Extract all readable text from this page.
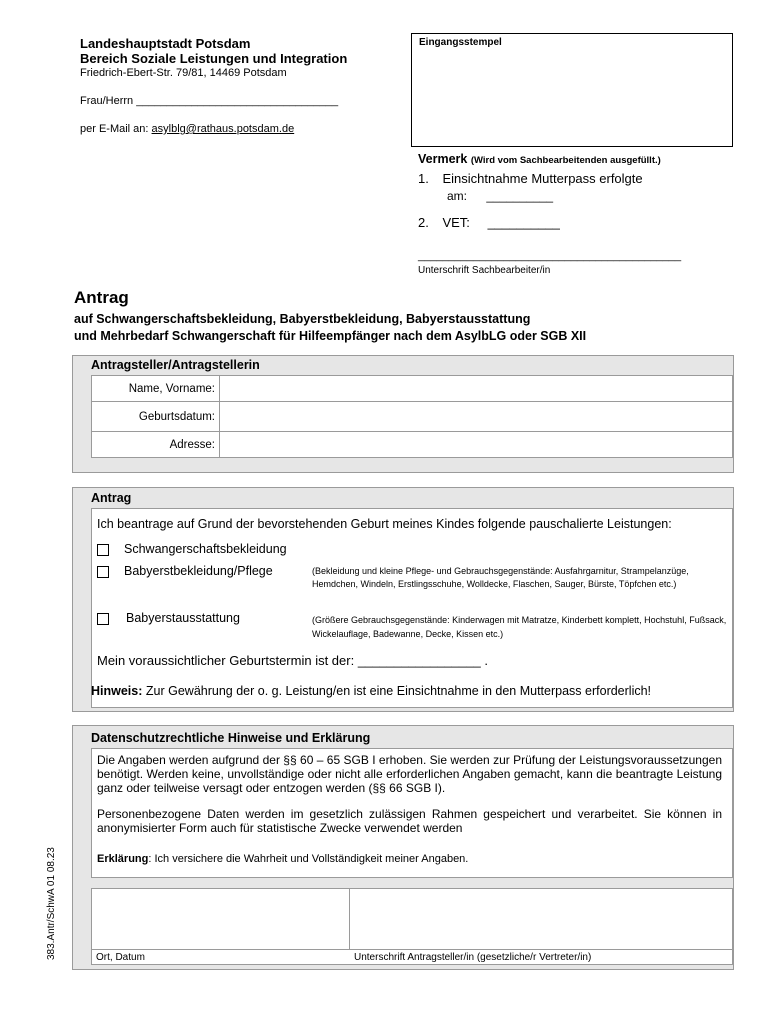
Landeshauptstadt Potsdam
Bereich Soziale Leistungen und Integration
Friedrich-Ebert-Str. 79/81, 14469 Potsdam
Frau/Herrn _________________________________
per E-Mail an: asylblg@rathaus.potsdam.de
Eingangsstempel
Vermerk (Wird vom Sachbearbeitenden ausgefüllt.)
1. Einsichtnahme Mutterpass erfolgte
am: __________
2. VET: __________
___________________________________________
Unterschrift Sachbearbeiter/in
Antrag
auf Schwangerschaftsbekleidung, Babyerstbekleidung, Babyerstausstattung
und Mehrbedarf Schwangerschaft für Hilfeempfänger nach dem AsylbLG oder SGB XII
Antragsteller/Antragstellerin
Name, Vorname:
Geburtsdatum:
Adresse:
Antrag
Ich beantrage auf Grund der bevorstehenden Geburt meines Kindes folgende pauschalierte Leistungen:
Schwangerschaftsbekleidung
Babyerstbekleidung/Pflege	(Bekleidung und kleine Pflege- und Gebrauchsgegenstände: Ausfahrgarnitur, Strampelanzüge, Hemdchen, Windeln, Erstlingsschuhe, Wolldecke, Flaschen, Sauger, Bürste, Töpfchen etc.)
Babyerstausstattung	(Größere Gebrauchsgegenstände: Kinderwagen mit Matratze, Kinderbett komplett, Hochstuhl, Fußsack, Wickelauflage, Badewanne, Decke, Kissen etc.)
Mein voraussichtlicher Geburtstermin ist der: _________________ .
Hinweis: Zur Gewährung der o. g. Leistung/en ist eine Einsichtnahme in den Mutterpass erforderlich!
Datenschutzrechtliche Hinweise und Erklärung
Die Angaben werden aufgrund der §§ 60 – 65 SGB I erhoben. Sie werden zur Prüfung der Leistungsvoraussetzungen benötigt. Werden keine, unvollständige oder nicht alle erforderlichen Angaben gemacht, kann die beantragte Leistung ganz oder teilweise versagt oder entzogen werden (§§ 66 SGB I).
Personenbezogene Daten werden im gesetzlich zulässigen Rahmen gespeichert und verarbeitet. Sie können in anonymisierter Form auch für statistische Zwecke verwendet werden
Erklärung: Ich versichere die Wahrheit und Vollständigkeit meiner Angaben.
Ort, Datum	Unterschrift Antragsteller/in (gesetzliche/r Vertreter/in)
383.Antr/SchwA 01 08.23
